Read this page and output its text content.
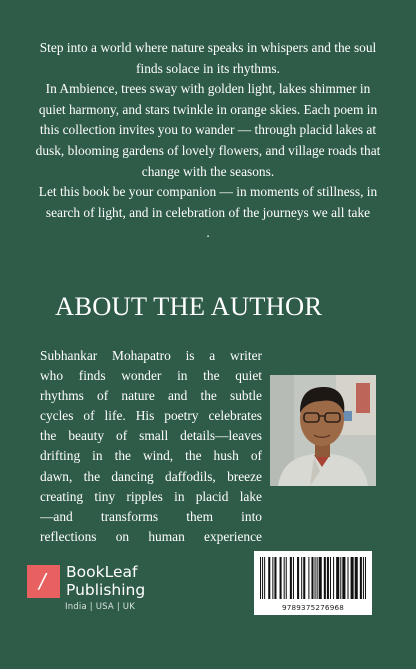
Step into a world where nature speaks in whispers and the soul finds solace in its rhythms.

In Ambience, trees sway with golden light, lakes shimmer in quiet harmony, and stars twinkle in orange skies. Each poem in this collection invites you to wander — through placid lakes at dusk, blooming gardens of lovely flowers, and village roads that change with the seasons.

Let this book be your companion — in moments of stillness, in search of light, and in celebration of the journeys we all take

.

ABOUT THE AUTHOR
Subhankar Mohapatro is a writer
who finds wonder in the quiet
rhythms of nature and the subtle
cycles of life. His poetry celebrates
the beauty of small details—leaves
drifting in the wind, the hush of
dawn, the dancing daffodils, breeze
creating tiny ripples in placid lake
—and transforms them into
reflections on human experience
/ BookLeaf
Publishing
India | USA | UK	9789375276968
